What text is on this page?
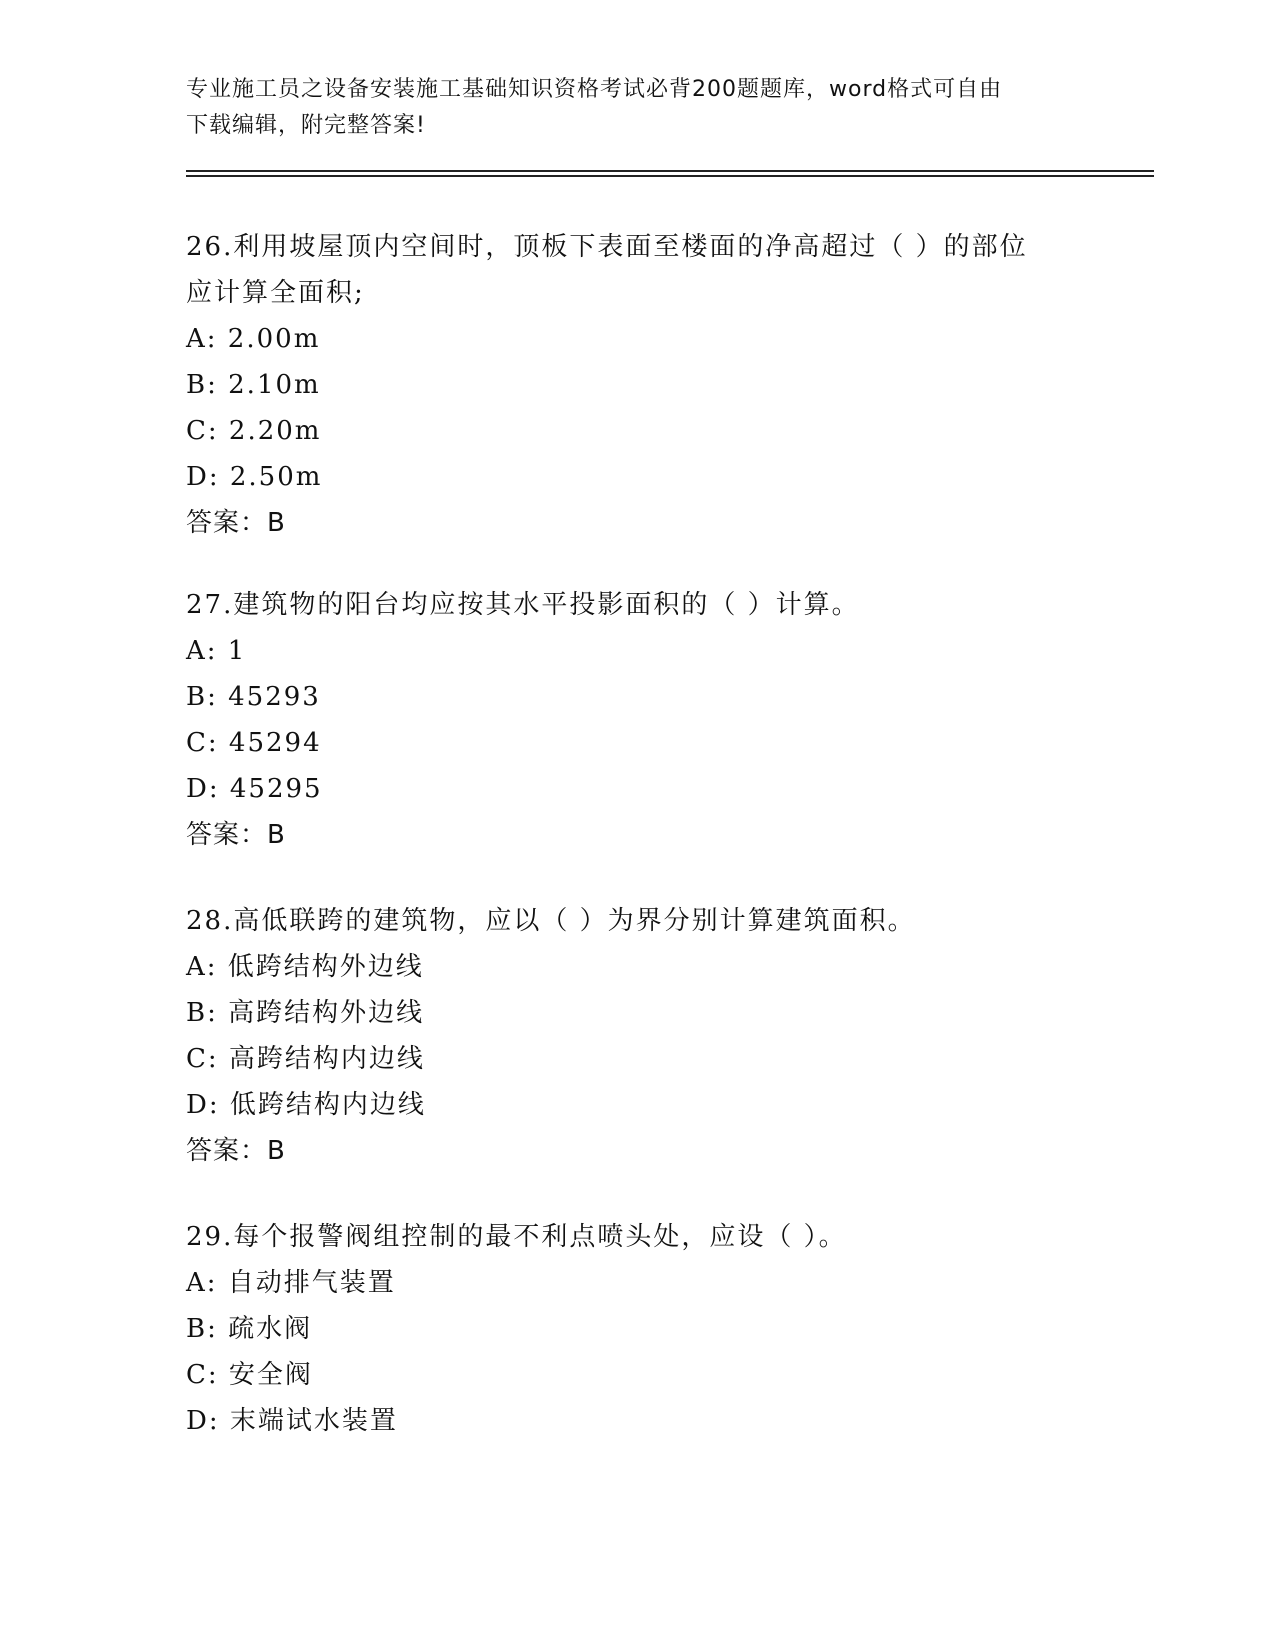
专业施工员之设备安装施工基础知识资格考试必背200题题库，word格式可自由
下载编辑，附完整答案!
26.利用坡屋顶内空间时，顶板下表面至楼面的净高超过（ ）的部位
应计算全面积;
A: 2.00m
B: 2.10m
C: 2.20m
D: 2.50m
答案：B
27.建筑物的阳台均应按其水平投影面积的（ ）计算。
A: 1
B: 45293
C: 45294
D: 45295
答案：B
28.高低联跨的建筑物，应以（ ）为界分别计算建筑面积。
A: 低跨结构外边线
B: 高跨结构外边线
C: 高跨结构内边线
D: 低跨结构内边线
答案：B
29.每个报警阀组控制的最不利点喷头处，应设（ ）。
A: 自动排气装置
B: 疏水阀
C: 安全阀
D: 末端试水装置
